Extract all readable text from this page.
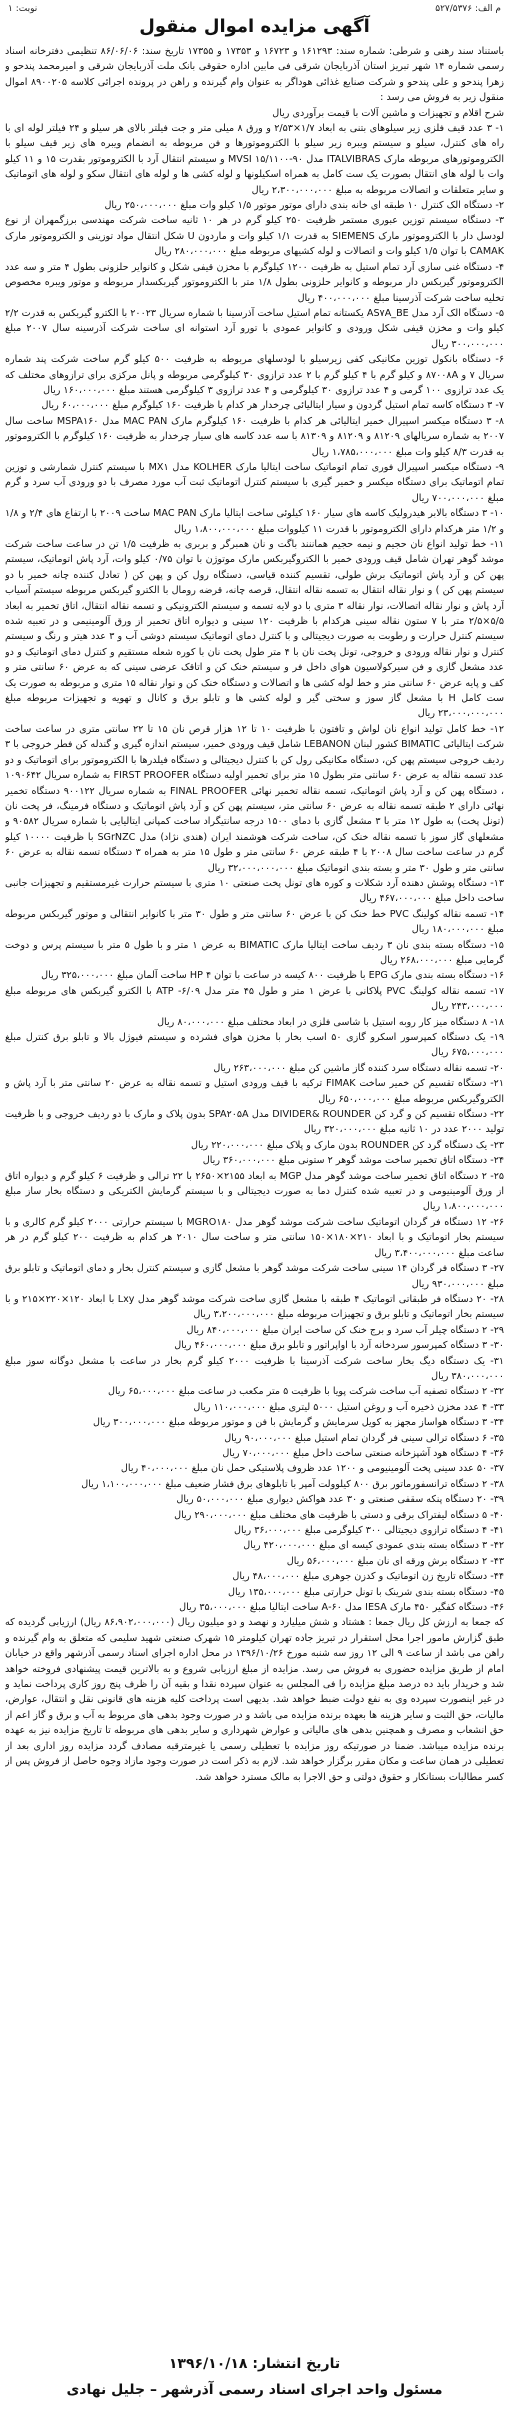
م الف: ۵۲۷/۵۳۷۶
نوبت: ۱
آگهی مزایده اموال منقول

باستناد سند رهنی و شرطی: شماره سند: ۱۶۱۲۹۳ و ۱۶۷۲۳ و ۱۷۳۵۳ و ۱۷۳۵۵ تاریخ سند: ۸۶/۰۶/۰۶ تنظیمی دفترخانه اسناد رسمی شماره ۱۴ شهر تبریز استان آذربایجان شرقی فی مابین اداره حقوقی بانک ملت آذربایجان شرقی و امیرمحمد پندحو و زهرا پندحو و علی پندحو و شرکت صنایع غذائی هوداگر به عنوان وام گیرنده و راهن در پرونده اجرائی کلاسه ۸۹۰۰۲۰۵ اموال منقول زیر به فروش می رسد :

شرح اقلام و تجهیزات و ماشین آلات با قیمت برآوردی ریال

۱- ۳ عدد قیف فلزی زیر سیلوهای بتنی به ابعاد ۱/۷×۲/۵۳ و ورق ۸ میلی متر و جت فیلتر بالای هر سیلو و ۲۴ فیلتر لوله ای با راه های کنترل، سیلو و سیستم ویبره زیر سیلو با الکتروموتورها و فن مربوطه به انضمام ویبره های زیر قیف سیلو با الکتروموتورهای مربوطه مارک ITALVIBRAS مدل MVSI ۱۵/۱۱۰۰-۹۰ و سیستم انتقال آرد با الکتروموتور بقدرت ۱۵ و ۱۱ کیلو وات با لوله های انتقال بصورت یک ست کامل به همراه اسکیلونها و لوله کشی ها و لوله های انتقال سکو و لوله های اتوماتیک و سایر متعلقات و اتصالات مربوطه به مبلغ ۲،۳۰۰،۰۰۰،۰۰۰ ریال

۲- دستگاه الک کنترل ۱۰ طبقه ای خانه بندی دارای موتور موتور ۱/۵ کیلو وات مبلغ ۲۵۰،۰۰۰،۰۰۰ ریال

۳- دستگاه سیستم توزین عبوری مستمر ظرفیت ۲۵۰ کیلو گرم در هر ۱۰ ثانیه ساخت شرکت مهندسی برزگمهران از نوع لودسل دار با الکتروموتور مارک SIEMENS به قدرت ۱/۱ کیلو وات و ماردون U شکل انتقال مواد توزینی و الکتروموتور مارک CAMAK با توان ۱/۵ کیلو وات و اتصالات و لوله کشیهای مربوطه مبلغ ۲۸۰،۰۰۰،۰۰۰ ریال

۴- دستگاه غنی سازی آرد تمام استیل به ظرفیت ۱۲۰۰ کیلوگرم با مخزن قیفی شکل و کانوایر حلزونی بطول ۴ متر و سه عدد الکتروموتور گیربکس دار مربوطه و کانوایر حلزونی بطول ۱/۸ متر با الکتروموتور گیربکسدار مربوطه و موتور ویبره مخصوص تخلیه ساخت شرکت آذرسینا مبلغ ۴۰۰،۰۰۰،۰۰۰ ریال

۵- دستگاه الک آرد مدل AS۷A_BE یکستانه تمام استیل ساخت آذرسینا با شماره سریال ۲۰۰۲۳ با الکترو گیربکس به قدرت ۲/۲ کیلو وات و مخزن قیفی شکل ورودی و کانوایر عمودی با تورو آرد استوانه ای ساخت شرکت آذرسینه سال ۲۰۰۷ مبلغ ۳۰۰،۰۰۰،۰۰۰ ریال

۶- دستگاه بانکول توزین مکانیکی کفی زیرسیلو با لودسلهای مربوطه به ظرفیت ۵۰۰ کیلو گرم ساخت شرکت پند شماره سریال ۷ و ۸۷۰۰۸A و کیلو گرم با ۴ کیلو گرم با ۲ عدد ترازوی ۳۰ کیلوگرمی مربوطه و پانل مرکزی برای ترازوهای مختلف که یک عدد ترازوی ۱۰۰ گرمی و ۴ عدد ترازوی ۳۰ کیلوگرمی و ۴ عدد ترازوی ۳ کیلوگرمی هستند مبلغ ۱۶۰،۰۰۰،۰۰۰ ریال

۷- ۳ دستگاه کاسه تمام استیل گردون و سیار ایتالیائی چرخدار هر کدام با ظرفیت ۱۶۰ کیلوگرم مبلغ ۶۰،۰۰۰،۰۰۰ ریال

۸- ۳ دستگاه میکسر اسپیرال خمیر ایتالیائی هر کدام با ظرفیت ۱۶۰ کیلوگرم مارک MAC PAN مدل MSPA۱۶۰ ساخت سال ۲۰۰۷ به شماره سریالهای ۸۱۲۰۹ و ۸۱۲۰۹ و ۸۱۳۰۹ با سه عدد کاسه های سیار چرخدار به ظرفیت ۱۶۰ کیلوگرم با الکتروموتور به قدرت ۸/۳ کیلو وات مبلغ ۱،۷۸۵،۰۰۰،۰۰۰ ریال

۹- دستگاه میکسر اسپیرال فوری تمام اتوماتیک ساخت ایتالیا مارک KOLHER مدل MX۱ با سیستم کنترل شمارشی و توزین تمام اتوماتیک برای دستگاه میکسر و خمیر گیری با سیستم کنترل اتوماتیک ثبت آب مورد مصرف با دو ورودی آب سرد و گرم مبلغ ۷۰۰،۰۰۰،۰۰۰ ریال

۱۰- ۳ دستگاه بالابر هیدرولیک کاسه های سیار ۱۶۰ کیلوئی ساخت ایتالیا مارک MAC PAN ساخت ۲۰۰۹ با ارتفاع های ۲/۴ و ۱/۸ و ۱/۲ متر هرکدام دارای الکتروموتور با قدرت ۱۱ کیلووات مبلغ ۱،۸۰۰،۰۰۰،۰۰۰ ریال

۱۱- خط تولید انواع نان حجیم و نیمه حجیم هماننند باگت و نان همبرگر و بربری به ظرفیت ۱/۵ تن در ساعت ساخت شرکت موشد گوهر تهران شامل قیف ورودی خمیر با الکتروگیربکس مارک موتوژن با توان ۰/۷۵ کیلو وات، آرد پاش اتوماتیک، سیستم پهن کن و آرد پاش اتوماتیک برش طولی، تقسیم کننده قیاسی، دستگاه رول کن و پهن کن ( تعادل کننده چانه خمیر با دو سیستم پهن کن ) و نوار نقاله انتقال به تسمه نقاله انتقال، قرصه چانه، قرضه رومال با الکترو گیربکس مربوطه سیستم آسیاب آرد پاش و نوار نقاله اتصالات، نوار نقاله ۳ متری با دو لایه تسمه و سیستم الکترونیکی و تسمه نقاله انتقال، اتاق تخمیر به ابعاد ۵/۵×۲/۵ متر با ۷ ستون نقاله سینی هرکدام با ظرفیت ۱۲۰ سینی و دیواره اتاق تخمیر از ورق آلومینیمی و در تعبیه شده سیستم کنترل حرارت و رطوبت به صورت دیجیتالی و با کنترل دمای اتوماتیک سیستم دوشی آب و ۳ عدد هیتر و رنگ و سیستم کنترل و نوار نقاله ورودی و خروجی، تونل پخت نان با ۴ متر طول پخت نان با کوره شعله مستقیم و کنترل دمای اتوماتیک و دو عدد مشعل گازی و فن سیرکولاسیون هوای داخل فر و سیستم خنک کن و اتاقک عرضی سینی که به عرض ۶۰ سانتی متر و کف و پایه عرض ۶۰ سانتی متر و خط لوله کشی ها و اتصالات و دستگاه خنک کن و نوار نقاله ۱۵ متری و مربوطه به صورت یک ست کامل H با مشعل گاز سوز و سختی گیر و لوله کشی ها و تابلو برق و کانال و تهویه و تجهیزات مربوطه مبلغ ۲۳،۰۰۰،۰۰۰،۰۰۰ ریال

۱۲- خط کامل تولید انواع نان لواش و تافتون با ظرفیت ۱۰ تا ۱۲ هزار قرص نان ۱۵ تا ۲۲ سانتی متری در ساعت ساخت شرکت ایتالیائی BIMATIC کشور لبنان LEBANON شامل قیف ورودی خمیر، سیستم اندازه گیری و گندله کن فطر خروجی با ۳ ردیف خروجی سیستم پهن کن، دستگاه مکانیکی رول کن با کنترل دیجیتالی و دستگاه فیلدرها با الکتروموتور برای اتوماتیک و دو عدد تسمه نقاله به عرض ۶۰ سانتی متر بطول ۱۵ متر برای تخمیر اولیه دستگاه FIRST PROOFER به شماره سریال ۱۰۹۰۶۴۲ ، دستگاه پهن کن و آرد پاش اتوماتیک، تسمه نقاله تخمیر نهائی FINAL PROOFER به شماره سریال ۹۰۰۱۲۲ دستگاه تخمیر نهائی دارای ۲ طبقه تسمه نقاله به عرض ۶۰ سانتی متر، سیستم پهن کن و آرد پاش اتوماتیک و دستگاه فرمینگ، فر پخت نان (تونل پخت) به طول ۱۲ متر با ۳ مشعل گازی با دمای ۱۵۰۰ درجه سانتیگراد ساخت کمپانی ایتالیایی با شماره سریال ۹۰۵۸۲ و مشعلهای گاز سوز با تسمه نقاله خنک کن، ساخت شرکت هوشمند ایران (هندی نژاد) مدل SGrNZC با ظرفیت ۱۰۰۰۰ کیلو گرم در ساعت ساخت سال ۲۰۰۸ با ۴ طبقه عرض ۶۰ سانتی متر و طول ۱۵ متر به همراه ۳ دستگاه تسمه نقاله به عرض ۶۰ سانتی متر و طول ۳۰ متر و بسته بندی اتوماتیک مبلغ ۳۲،۰۰۰،۰۰۰،۰۰۰ ریال

۱۳- دستگاه پوشش دهنده آرد شکلات و کوره های تونل پخت صنعتی ۱۰ متری با سیستم حرارت غیرمستقیم و تجهیزات جانبی ساخت داخل مبلغ ۴۶۷،۰۰۰،۰۰۰ ریال

۱۴- تسمه نقاله کولینگ PVC خط خنک کن با عرض ۶۰ سانتی متر و طول ۳۰ متر با کانوایر انتقالی و موتور گیربکس مربوطه مبلغ ۱۸۰،۰۰۰،۰۰۰ ریال

۱۵- دستگاه بسته بندی نان ۳ ردیف ساخت ایتالیا مارک BIMATIC به عرض ۱ متر و با طول ۵ متر با سیستم پرس و دوخت گرمایی مبلغ ۲۶۸،۰۰۰،۰۰۰ ریال

۱۶- دستگاه بسته بندی مارک EPG با ظرفیت ۸۰۰ کیسه در ساعت با توان ۴ HP ساخت آلمان مبلغ ۳۲۵،۰۰۰،۰۰۰ ریال

۱۷- تسمه نقاله کولینگ PVC پلاکانی با عرض ۱ متر و طول ۴۵ متر مدل ATP -۶/۰۹ با الکترو گیربکس های مربوطه مبلغ ۲۴۳،۰۰۰،۰۰۰ ریال

۱۸- ۸ دستگاه میز کار روبه استیل با شاسی فلزی در ابعاد مختلف مبلغ ۸۰،۰۰۰،۰۰۰ ریال

۱۹- یک دستگاه کمپرسور اسکرو گازی ۵۰ اسب بخار با مخزن هوای فشرده و سیستم فیوژل بالا و تابلو برق کنترل مبلغ ۶۷۵،۰۰۰،۰۰۰ ریال

۲۰- تسمه نقاله دستگاه سرد کننده گاز ماشین کن مبلغ ۲۶۳،۰۰۰،۰۰۰ ریال

۲۱- دستگاه تقسیم کن خمیر ساخت FIMAK ترکیه با قیف ورودی استیل و تسمه نقاله به عرض ۲۰ سانتی متر با آرد پاش و الکتروگیربکس مربوطه مبلغ ۶۵۰،۰۰۰،۰۰۰ ریال

۲۲- دستگاه تقسیم کن و گرد کن DIVIDER& ROUNDER مدل SPA۲۰۵A بدون پلاک و مارک با دو ردیف خروجی و با ظرفیت تولید ۲۰۰۰ عدد در ۱۰ ثانیه مبلغ ۳۲۰،۰۰۰،۰۰۰ ریال

۲۳- یک دستگاه گرد کن ROUNDER بدون مارک و پلاک مبلغ ۲۲۰،۰۰۰،۰۰۰ ریال

۲۴- دستگاه اتاق تخمیر ساخت موشد گوهر ۲ ستونی مبلغ ۳۶۰،۰۰۰،۰۰۰ ریال

۲۵- ۲ دستگاه اتاق تخمیر ساخت موشد گوهر مدل MGP به ابعاد ۲۱۵۵×۲۶۵۰ با ۲۲ ترالی و ظرفیت ۶ کیلو گرم و دیواره اتاق از ورق آلومینیومی و در تعبیه شده کنترل دما به صورت دیجیتالی و با سیستم گرمایش الکتریکی و دستگاه بخار ساز مبلغ ۱،۸۰۰،۰۰۰،۰۰۰ ریال

۲۶- ۱۲ دستگاه فر گردان اتوماتیک ساخت شرکت موشد گوهر مدل MGRO۱۸۰ با سیستم حرارتی ۲۰۰۰ کیلو گرم کالری و با سیستم بخار اتوماتیک و با ابعاد ۲۱۰×۱۸۰×۱۵۰ سانتی متر و ساخت سال ۲۰۱۰ هر کدام به ظرفیت ۲۰۰ کیلو گرم در هر ساعت مبلغ ۳،۴۰۰،۰۰۰،۰۰۰ ریال

۲۷- ۳ دستگاه فر گردان ۱۴ سینی ساخت شرکت موشد گوهر با مشعل گازی و سیستم کنترل بخار و دمای اتوماتیک و تابلو برق مبلغ ۹۳۰،۰۰۰،۰۰۰ ریال

۲۸- ۲۰ دستگاه فر طبقاتی اتوماتیک ۴ طبقه با مشعل گازی ساخت شرکت موشد گوهر مدل Lxy با ابعاد ۱۲۰×۲۲۰×۲۱۵ و با سیستم بخار اتوماتیک و تابلو برق و تجهیزات مربوطه مبلغ ۳،۲۰۰،۰۰۰،۰۰۰ ریال

۲۹- ۲ دستگاه چیلر آب سرد و برج خنک کن ساخت ایران مبلغ ۸۴۰،۰۰۰،۰۰۰ ریال

۳۰- ۳ دستگاه کمپرسور سردخانه آرد با اواپراتور و تابلو برق مبلغ ۴۶۰،۰۰۰،۰۰۰ ریال

۳۱- یک دستگاه دیگ بخار ساخت شرکت آذرسینا با ظرفیت ۲۰۰۰ کیلو گرم بخار در ساعت با مشعل دوگانه سوز مبلغ ۳۸۰،۰۰۰،۰۰۰ ریال

۳۲- ۲ دستگاه تصفیه آب ساخت شرکت پویا با ظرفیت ۵ متر مکعب در ساعت مبلغ ۶۵،۰۰۰،۰۰۰ ریال

۳۳- ۴ عدد مخزن ذخیره آب و روغن استیل ۵۰۰۰ لیتری مبلغ ۱۱۰،۰۰۰،۰۰۰ ریال

۳۴- ۳ دستگاه هواساز مجهز به کویل سرمایش و گرمایش با فن و موتور مربوطه مبلغ ۳۰۰،۰۰۰،۰۰۰ ریال

۳۵- ۶ دستگاه ترالی سینی فر گردان تمام استیل مبلغ ۹۰،۰۰۰،۰۰۰ ریال

۳۶- ۴ دستگاه هود آشپزخانه صنعتی ساخت داخل مبلغ ۷۰،۰۰۰،۰۰۰ ریال

۳۷- ۵۰ عدد سینی پخت آلومینیومی و ۱۲۰۰ عدد ظروف پلاستیکی حمل نان مبلغ ۴۰،۰۰۰،۰۰۰ ریال

۳۸- ۲ دستگاه ترانسفورماتور برق ۸۰۰ کیلوولت آمپر با تابلوهای برق فشار ضعیف مبلغ ۱،۱۰۰،۰۰۰،۰۰۰ ریال

۳۹- ۲۰ دستگاه پنکه سقفی صنعتی و ۳۰ عدد هواکش دیواری مبلغ ۵۰،۰۰۰،۰۰۰ ریال

۴۰- ۵ دستگاه لیفتراک برقی و دستی با ظرفیت های مختلف مبلغ ۲۹۰،۰۰۰،۰۰۰ ریال

۴۱- ۴ دستگاه ترازوی دیجیتالی ۳۰۰ کیلوگرمی مبلغ ۳۶،۰۰۰،۰۰۰ ریال

۴۲- ۳ دستگاه بسته بندی عمودی کیسه ای مبلغ ۴۲۰،۰۰۰،۰۰۰ ریال

۴۳- ۲ دستگاه برش ورقه ای نان مبلغ ۵۶،۰۰۰،۰۰۰ ریال

۴۴- دستگاه تاریخ زن اتوماتیک و کدزن جوهری مبلغ ۴۸،۰۰۰،۰۰۰ ریال

۴۵- دستگاه بسته بندی شرینک با تونل حرارتی مبلغ ۱۳۵،۰۰۰،۰۰۰ ریال

۴۶- دستگاه کفگیر ۴۵۰ مارک IESA مدل ۶۰-A ساخت ایتالیا مبلغ ۳۵،۰۰۰،۰۰۰ ریال

که جمعا به ارزش کل ریال جمعا : هشتاد و شش میلیارد و نهصد و دو میلیون ریال (۸۶،۹۰۲،۰۰۰،۰۰۰ ریال) ارزیابی گردیده که طبق گزارش مامور اجرا محل استقرار در تبریز جاده تهران کیلومتر ۱۵ شهرک صنعتی شهید سلیمی که متعلق به وام گیرنده و راهن می باشد از ساعت ۹ الی ۱۲ روز سه شنبه مورخ ۱۳۹۶/۱۰/۲۶ در محل اداره اجرای اسناد رسمی آذرشهر واقع در خیابان امام از طریق مزایده حضوری به فروش می رسد. مزایده از مبلغ ارزیابی شروع و به بالاترین قیمت پیشنهادی فروخته خواهد شد و خریدار باید ده درصد مبلغ مزایده را فی المجلس به عنوان سپرده نقدا و بقیه آن را ظرف پنج روز کاری پرداخت نماید و در غیر اینصورت سپرده وی به نفع دولت ضبط خواهد شد. بدیهی است پرداخت کلیه هزینه های قانونی نقل و انتقال، عوارض، مالیات، حق الثبت و سایر هزینه ها بعهده برنده مزایده می باشد و در صورت وجود بدهی های مربوط به آب و برق و گاز اعم از حق انشعاب و مصرف و همچنین بدهی های مالیاتی و عوارض شهرداری و سایر بدهی های مربوطه تا تاریخ مزایده نیز به عهده برنده مزایده میباشد. ضمنا در صورتیکه روز مزایده با تعطیلی رسمی یا غیرمترقبه مصادف گردد مزایده روز اداری بعد از تعطیلی در همان ساعت و مکان مقرر برگزار خواهد شد. لازم به ذکر است در صورت وجود مازاد وجوه حاصل از فروش پس از کسر مطالبات بستانکار و حقوق دولتی و حق الاجرا به مالک مسترد خواهد شد.

تاریخ انتشار: ۱۳۹۶/۱۰/۱۸
مسئول واحد اجرای اسناد رسمی آذرشهر – جلیل نهادی
